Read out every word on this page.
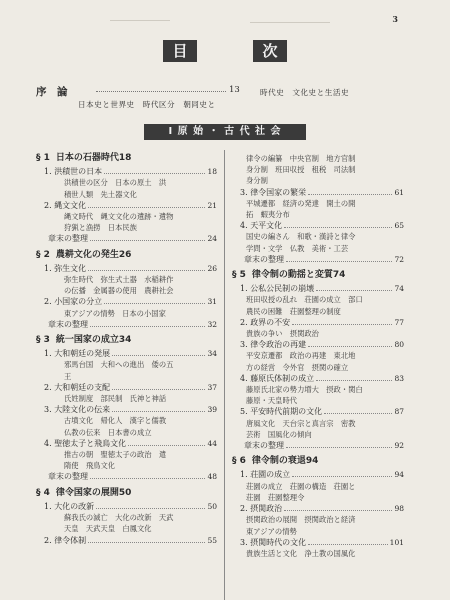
3
目	次
序　論	13
日本史と世界史　時代区分　朝同史と
時代史　文化史と生活史
Ⅰ 原 始 ・ 古 代 社 会
§ 1 日本の石器時代 18
1.
洪積世の日本	18
洪積世の区分　日本の原土　洪
積世人類　先土器文化
2.
縄文文化	21
縄文時代　縄文文化の遺跡・遺物
狩猟と漁撈　日本民族
章末の整理	24
§ 2 農耕文化の発生 26
1.
弥生文化	26
弥生時代　弥生式土器　水稲耕作
の伝播　金属器の使用　農耕社会
2.
小国家の分立	31
東アジアの情勢　日本の小国家
章末の整理	32
§ 3 統一国家の成立 34
1.
大和朝廷の発展	34
邪馬台国　大和への進出　倭の五
王
2.
大和朝廷の支配	37
氏姓制度　部民制　氏神と神話
3.
大陸文化の伝来	39
古墳文化　帰化人　漢字と儒教
仏教の伝来　日本書の成立
4.
聖徳太子と飛鳥文化	44
推古の朝　聖徳太子の政治　遣
隋使　飛鳥文化
章末の整理	48
§ 4 律令国家の展開 50
1.
大化の改新	50
蘇我氏の滅亡　大化の改新　天武
天皇　天武天皇　白鳳文化
2.
律令体制	55
律令の編纂　中央官制　地方官制
身分制　班田収授　租税　司法制
身分制
3.
律令国家の繁栄	61
平城遷都　経済の発達　開土の開
拓　蝦夷分布
4.
天平文化	65
国史の編さん　和歌・漢詩と律令
学問・文学　仏教　美術・工芸
章末の整理	72
§ 5 律令制の動揺と変質 74
1.
公私公民制の崩壊	74
班田収授の乱れ　荘園の成立　部口
農民の困難　荘園整理の制度
2.
政界の不安	77
貴族の争い　摂関政治
3.
律令政治の再建	80
平安京遷都　政治の再建　東北地
方の経営　令外官　摂関の確立
4.
藤原氏体制の成立	83
藤原氏北家の勢力増大　摂政・関白
藤原・天皇時代
5.
平安時代前期の文化	87
唐風文化　天台宗と真言宗　密教
芸術　国風化の傾向
章末の整理	92
§ 6 律令制の衰退 94
1.
荘園の成立	94
荘園の成立　荘園の構造　荘園と
荘園　荘園整理令
2.
摂関政治	98
摂関政治の展開　摂関政治と経済
東アジアの情勢
3.
摂関時代の文化	101
貴族生活と文化　浄土教の国風化
